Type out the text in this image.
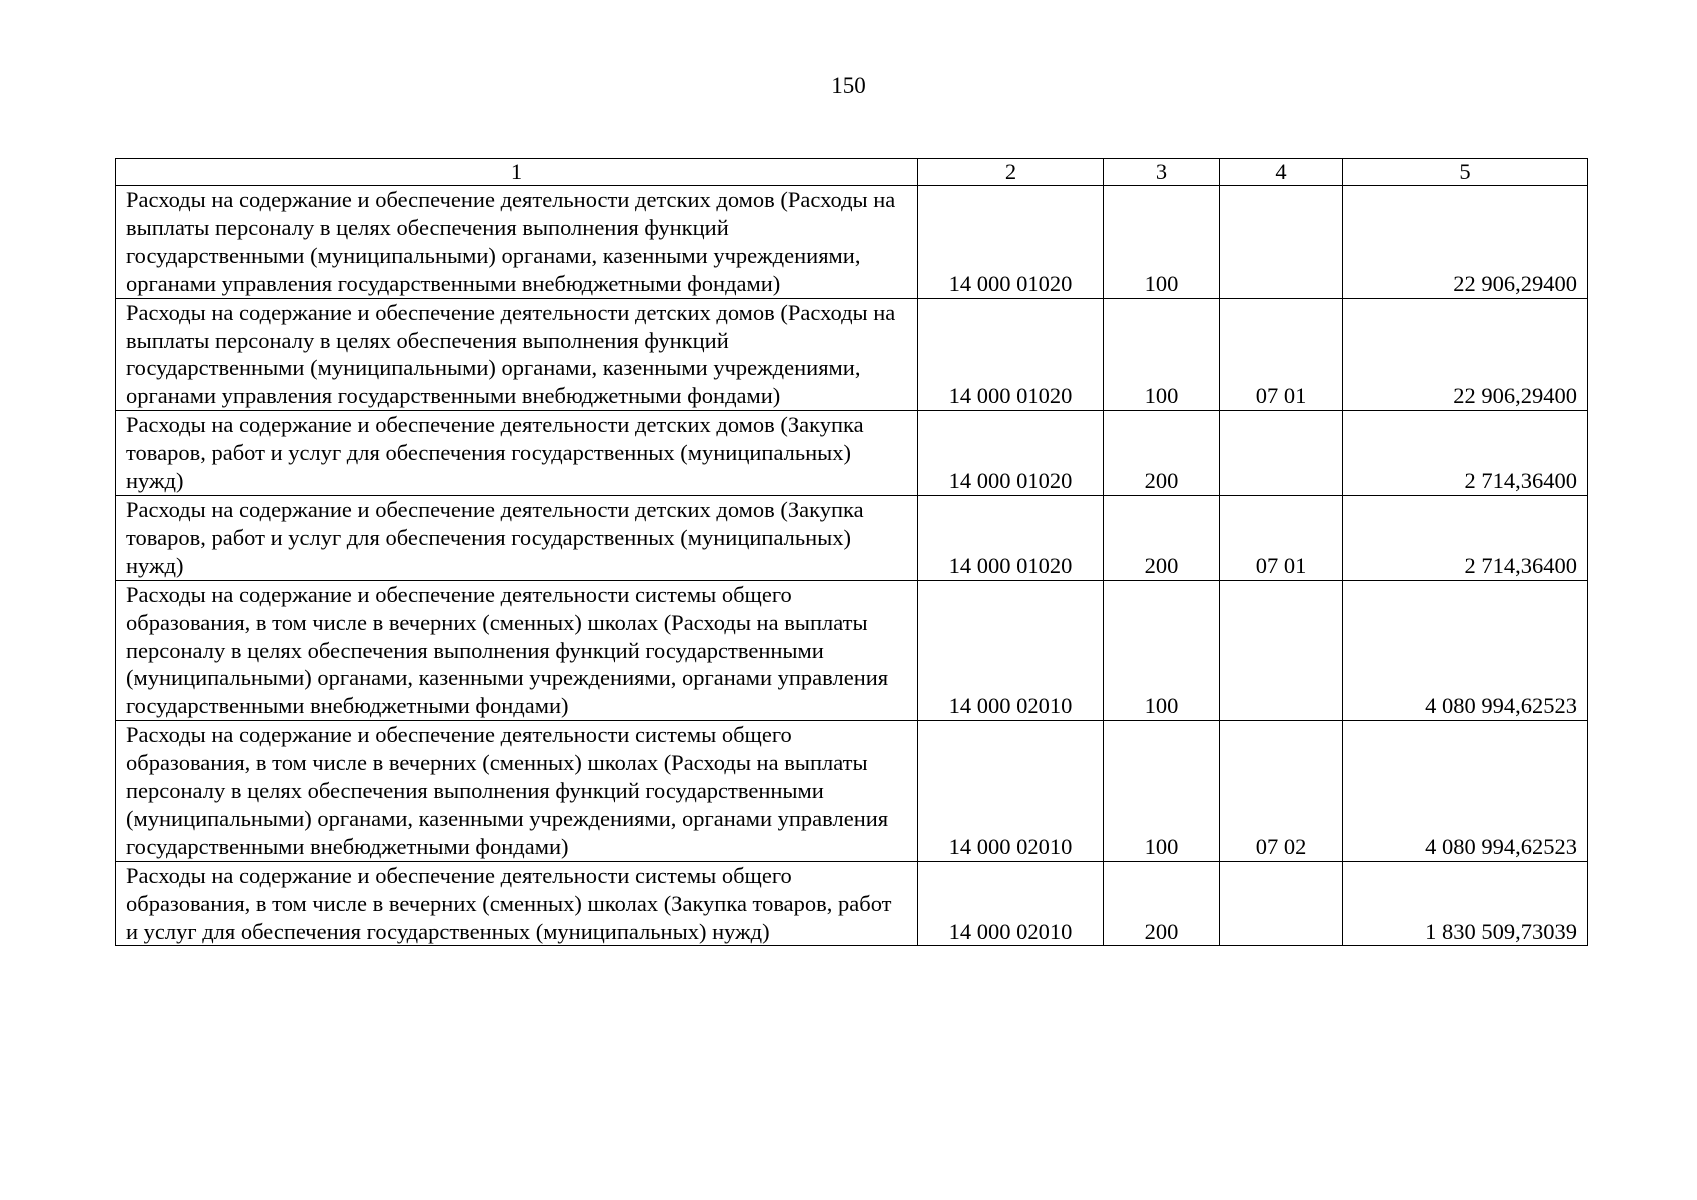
150
1	2	3	4	5
Расходы на содержание и обеспечение деятельности детских домов (Расходы на выплаты персоналу в целях обеспечения выполнения функций государственными (муниципальными) органами, казенными учреждениями, органами управления государственными внебюджетными фондами)	14 000 01020	100		22 906,29400
Расходы на содержание и обеспечение деятельности детских домов (Расходы на выплаты персоналу в целях обеспечения выполнения функций государственными (муниципальными) органами, казенными учреждениями, органами управления государственными внебюджетными фондами)	14 000 01020	100	07 01	22 906,29400
Расходы на содержание и обеспечение деятельности детских домов (Закупка товаров, работ и услуг для обеспечения государственных (муниципальных) нужд)	14 000 01020	200		2 714,36400
Расходы на содержание и обеспечение деятельности детских домов (Закупка товаров, работ и услуг для обеспечения государственных (муниципальных) нужд)	14 000 01020	200	07 01	2 714,36400
Расходы на содержание и обеспечение деятельности системы общего образования, в том числе в вечерних (сменных) школах (Расходы на выплаты персоналу в целях обеспечения выполнения функций государственными (муниципальными) органами, казенными учреждениями, органами управления государственными внебюджетными фондами)	14 000 02010	100		4 080 994,62523
Расходы на содержание и обеспечение деятельности системы общего образования, в том числе в вечерних (сменных) школах (Расходы на выплаты персоналу в целях обеспечения выполнения функций государственными (муниципальными) органами, казенными учреждениями, органами управления государственными внебюджетными фондами)	14 000 02010	100	07 02	4 080 994,62523
Расходы на содержание и обеспечение деятельности системы общего образования, в том числе в вечерних (сменных) школах (Закупка товаров, работ и услуг для обеспечения государственных (муниципальных) нужд)	14 000 02010	200		1 830 509,73039
